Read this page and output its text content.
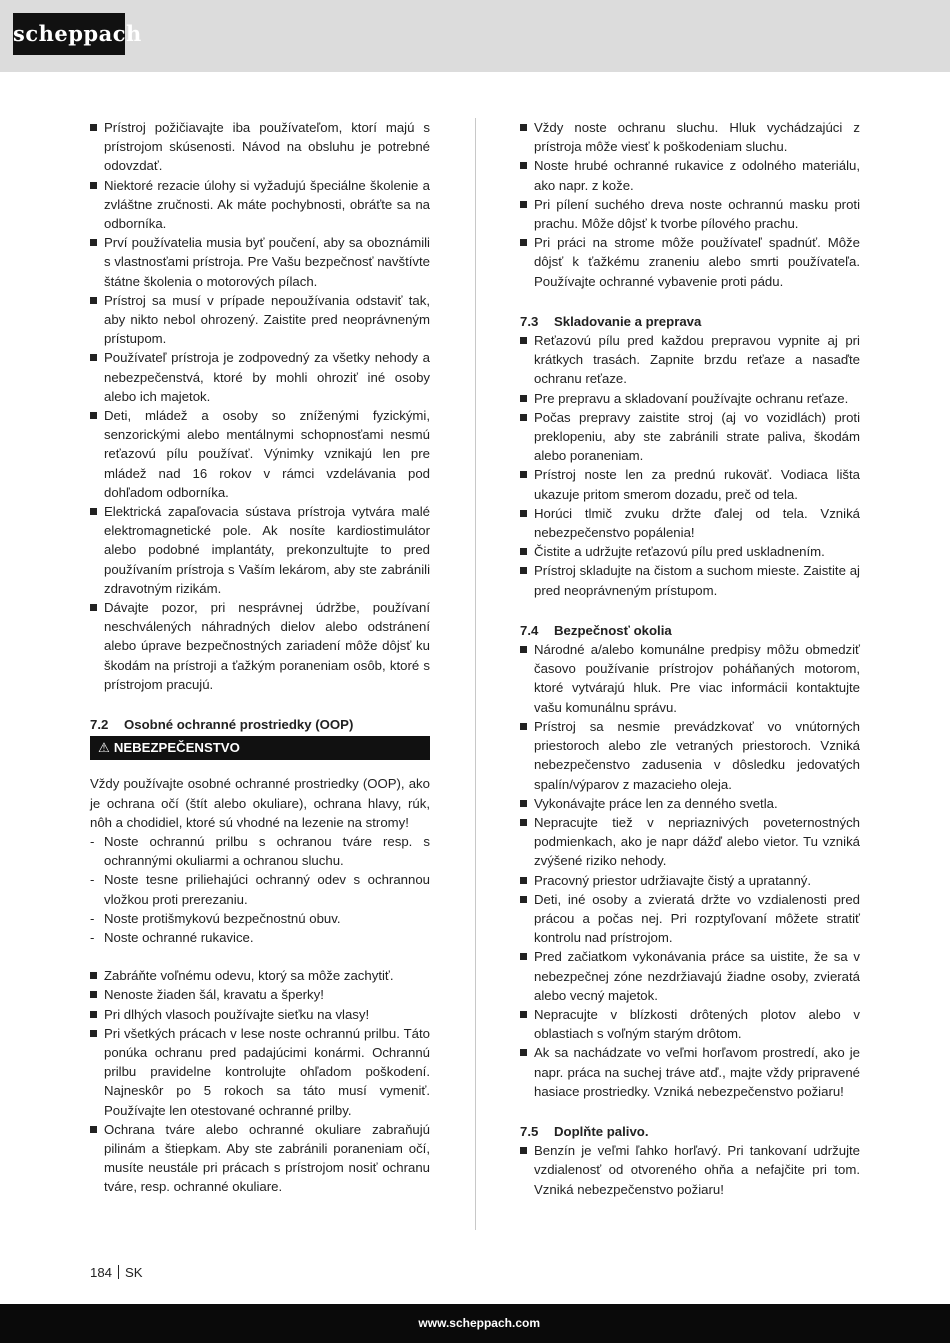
scheppach
Prístroj požičiavajte iba používateľom, ktorí majú s prístrojom skúsenosti. Návod na obsluhu je potrebné odovzdať.
Niektoré rezacie úlohy si vyžadujú špeciálne školenie a zvláštne zručnosti. Ak máte pochybnosti, obráťte sa na odborníka.
Prví používatelia musia byť poučení, aby sa oboznámili s vlastnosťami prístroja. Pre Vašu bezpečnosť navštívte štátne školenia o motorových pílach.
Prístroj sa musí v prípade nepoužívania odstaviť tak, aby nikto nebol ohrozený. Zaistite pred neoprávneným prístupom.
Používateľ prístroja je zodpovedný za všetky nehody a nebezpečenstvá, ktoré by mohli ohroziť iné osoby alebo ich majetok.
Deti, mládež a osoby so zníženými fyzickými, senzorickými alebo mentálnymi schopnosťami nesmú reťazovú pílu používať. Výnimky vznikajú len pre mládež nad 16 rokov v rámci vzdelávania pod dohľadom odborníka.
Elektrická zapaľovacia sústava prístroja vytvára malé elektromagnetické pole. Ak nosíte kardiostimulátor alebo podobné implantáty, prekonzultujte to pred používaním prístroja s Vaším lekárom, aby ste zabránili zdravotným rizikám.
Dávajte pozor, pri nesprávnej údržbe, používaní neschválených náhradných dielov alebo odstránení alebo úprave bezpečnostných zariadení môže dôjsť ku škodám na prístroji a ťažkým poraneniam osôb, ktoré s prístrojom pracujú.
7.2 Osobné ochranné prostriedky (OOP)
⚠ NEBEZPEČENSTVO

Vždy používajte osobné ochranné prostriedky (OOP), ako je ochrana očí (štít alebo okuliare), ochrana hlavy, rúk, nôh a chodidiel, ktoré sú vhodné na lezenie na stromy!

- Noste ochrannú prilbu s ochranou tváre resp. s ochrannými okuliarmi a ochranou sluchu.
- Noste tesne priliehajúci ochranný odev s ochrannou vložkou proti prerezaniu.
- Noste protišmykovú bezpečnostnú obuv.
- Noste ochranné rukavice.
Zabráňte voľnému odevu, ktorý sa môže zachytiť.
Nenoste žiaden šál, kravatu a šperky!
Pri dlhých vlasoch používajte sieťku na vlasy!
Pri všetkých prácach v lese noste ochrannú prilbu. Táto ponúka ochranu pred padajúcimi konármi. Ochrannú prilbu pravidelne kontrolujte ohľadom poškodení. Najneskôr po 5 rokoch sa táto musí vymeniť. Používajte len otestované ochranné prilby.
Ochrana tváre alebo ochranné okuliare zabraňujú pilinám a štiepkam. Aby ste zabránili poraneniam očí, musíte neustále pri prácach s prístrojom nosiť ochranu tváre, resp. ochranné okuliare.
Vždy noste ochranu sluchu. Hluk vychádzajúci z prístroja môže viesť k poškodeniam sluchu.
Noste hrubé ochranné rukavice z odolného materiálu, ako napr. z kože.
Pri pílení suchého dreva noste ochrannú masku proti prachu. Môže dôjsť k tvorbe pílového prachu.
Pri práci na strome môže používateľ spadnúť. Môže dôjsť k ťažkému zraneniu alebo smrti používateľa. Používajte ochranné vybavenie proti pádu.
7.3 Skladovanie a preprava
Reťazovú pílu pred každou prepravou vypnite aj pri krátkych trasách. Zapnite brzdu reťaze a nasaďte ochranu reťaze.
Pre prepravu a skladovaní používajte ochranu reťaze.
Počas prepravy zaistite stroj (aj vo vozidlách) proti preklopeniu, aby ste zabránili strate paliva, škodám alebo poraneniam.
Prístroj noste len za prednú rukoväť. Vodiaca lišta ukazuje pritom smerom dozadu, preč od tela.
Horúci tlmič zvuku držte ďalej od tela. Vzniká nebezpečenstvo popálenia!
Čistite a udržujte reťazovú pílu pred uskladnením.
Prístroj skladujte na čistom a suchom mieste. Zaistite aj pred neoprávneným prístupom.
7.4 Bezpečnosť okolia
Národné a/alebo komunálne predpisy môžu obmedziť časovo používanie prístrojov poháňaných motorom, ktoré vytvárajú hluk. Pre viac informácii kontaktujte vašu komunálnu správu.
Prístroj sa nesmie prevádzkovať vo vnútorných priestoroch alebo zle vetraných priestoroch. Vzniká nebezpečenstvo zadusenia v dôsledku jedovatých spalín/výparov z mazacieho oleja.
Vykonávajte práce len za denného svetla.
Nepracujte tiež v nepriaznivých poveternostných podmienkach, ako je napr dážď alebo vietor. Tu vzniká zvýšené riziko nehody.
Pracovný priestor udržiavajte čistý a upratanný.
Deti, iné osoby a zvieratá držte vo vzdialenosti pred prácou a počas nej. Pri rozptyľovaní môžete stratiť kontrolu nad prístrojom.
Pred začiatkom vykonávania práce sa uistite, že sa v nebezpečnej zóne nezdržiavajú žiadne osoby, zvieratá alebo vecný majetok.
Nepracujte v blízkosti drôtených plotov alebo v oblastiach s voľným starým drôtom.
Ak sa nachádzate vo veľmi horľavom prostredí, ako je napr. práca na suchej tráve atď., majte vždy pripravené hasiace prostriedky. Vzniká nebezpečenstvo požiaru!
7.5 Doplňte palivo.
Benzín je veľmi ľahko horľavý. Pri tankovaní udržujte vzdialenosť od otvoreného ohňa a nefajčite pri tom. Vzniká nebezpečenstvo požiaru!
184 SK
www.scheppach.com
